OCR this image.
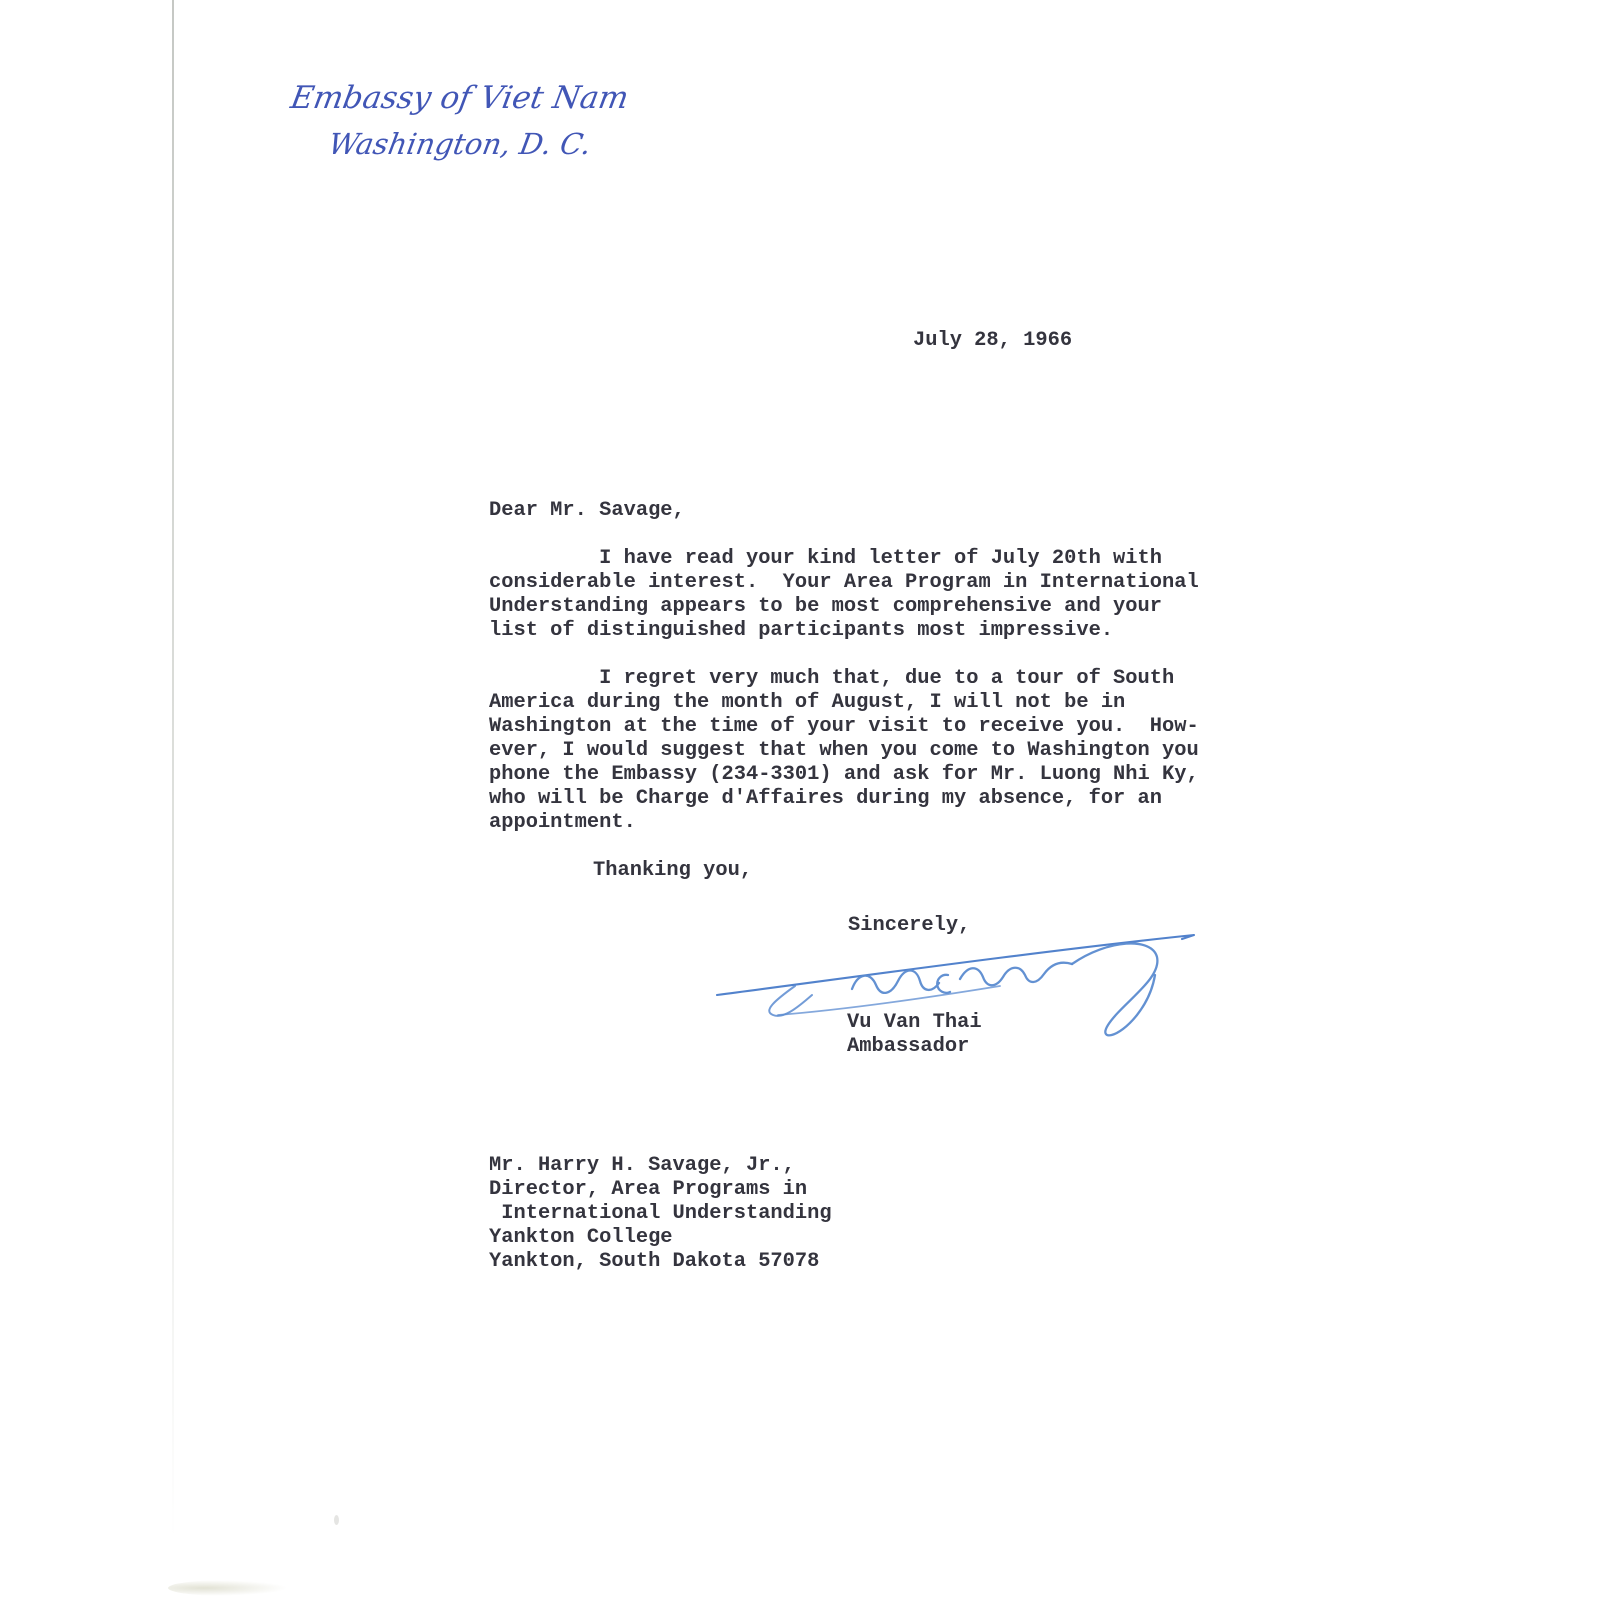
Embassy of Viet Nam
Washington, D. C.
July 28, 1966
Dear Mr. Savage,
I have read your kind letter of July 20th with
considerable interest.  Your Area Program in International
Understanding appears to be most comprehensive and your
list of distinguished participants most impressive.
I regret very much that, due to a tour of South
America during the month of August, I will not be in
Washington at the time of your visit to receive you.  How-
ever, I would suggest that when you come to Washington you
phone the Embassy (234-3301) and ask for Mr. Luong Nhi Ky,
who will be Charge d'Affaires during my absence, for an
appointment.
Thanking you,
Sincerely,
Vu Van Thai
Ambassador
Mr. Harry H. Savage, Jr.,
Director, Area Programs in
International Understanding
Yankton College
Yankton, South Dakota 57078
